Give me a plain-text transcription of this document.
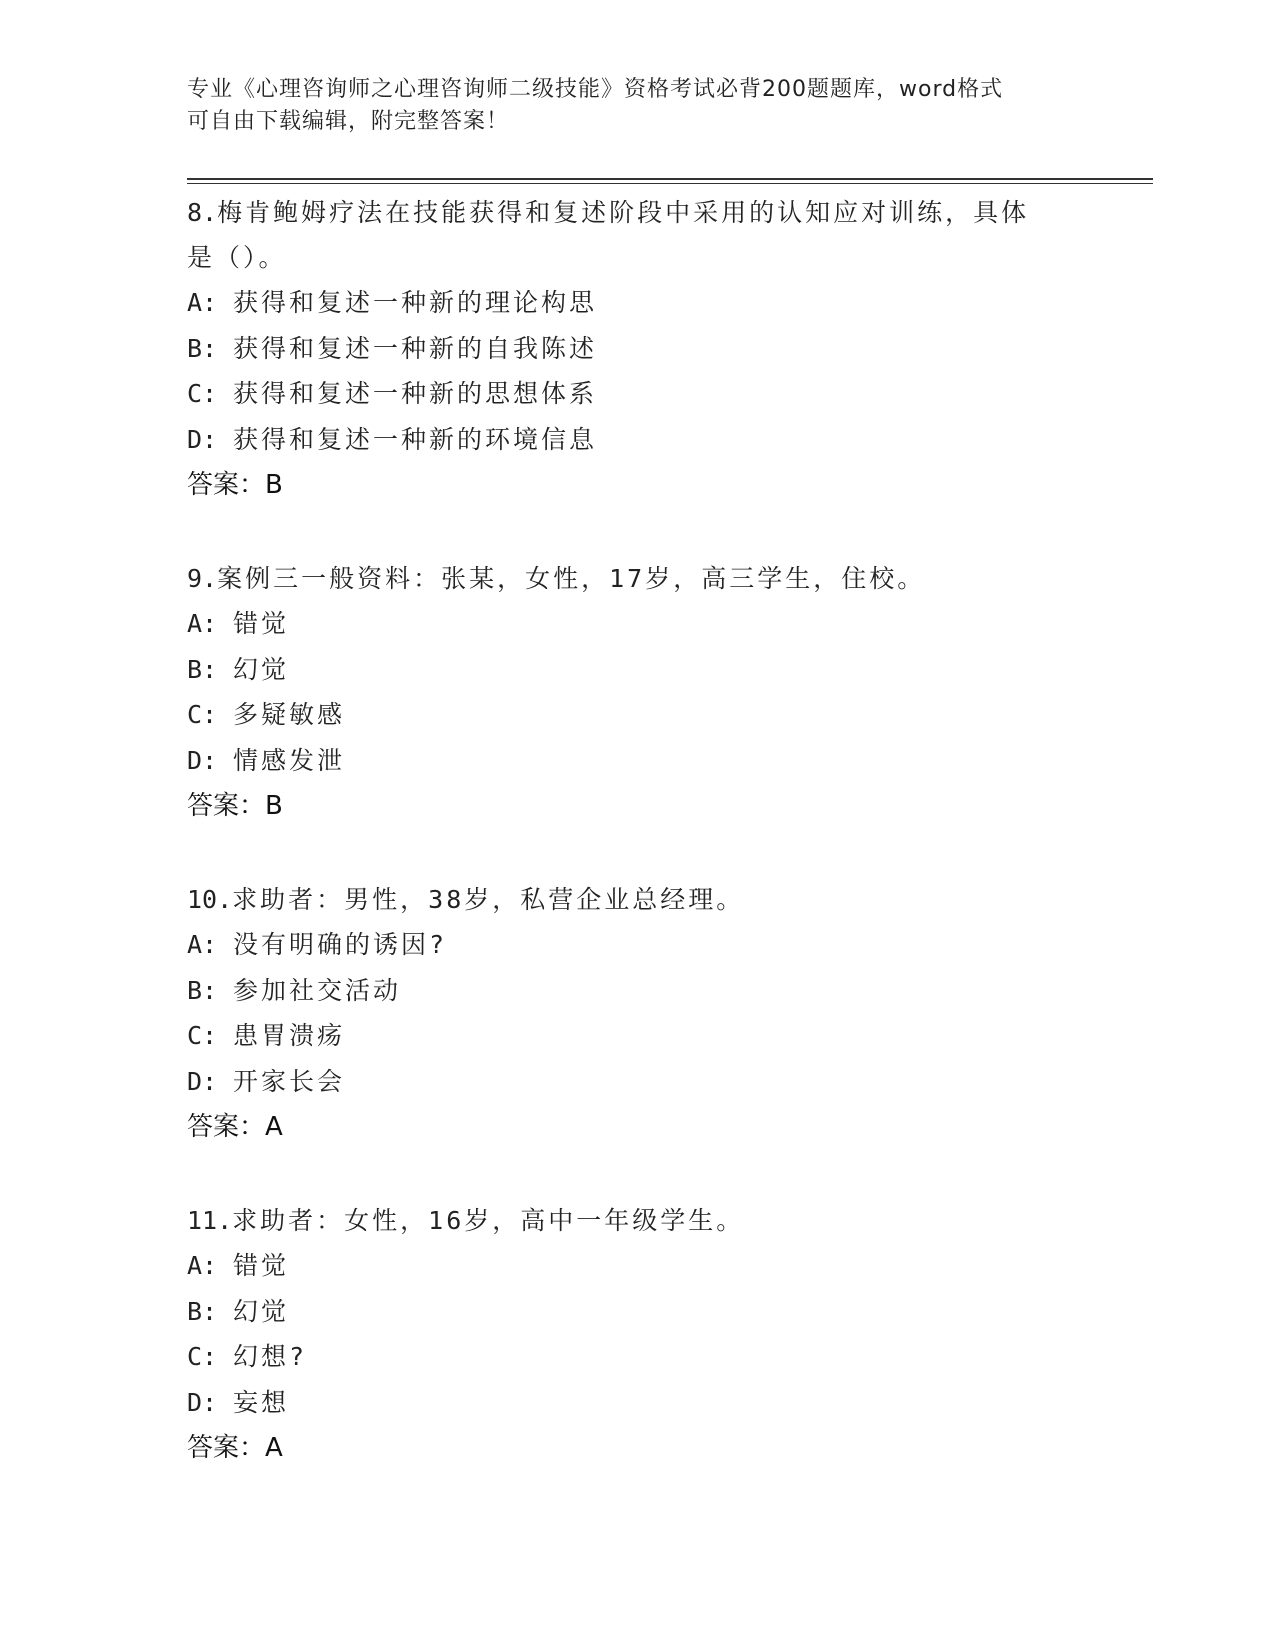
专业《心理咨询师之心理咨询师二级技能》资格考试必背200题题库，word格式
可自由下载编辑，附完整答案！
8.梅肯鲍姆疗法在技能获得和复述阶段中采用的认知应对训练，具体
是（）。
A: 获得和复述一种新的理论构思
B: 获得和复述一种新的自我陈述
C: 获得和复述一种新的思想体系
D: 获得和复述一种新的环境信息
答案：B
9.案例三一般资料：张某，女性，17岁，高三学生，住校。
A: 错觉
B: 幻觉
C: 多疑敏感
D: 情感发泄
答案：B
10.求助者：男性，38岁，私营企业总经理。
A: 没有明确的诱因?
B: 参加社交活动
C: 患胃溃疡
D: 开家长会
答案：A
11.求助者：女性，16岁，高中一年级学生。
A: 错觉
B: 幻觉
C: 幻想?
D: 妄想
答案：A
